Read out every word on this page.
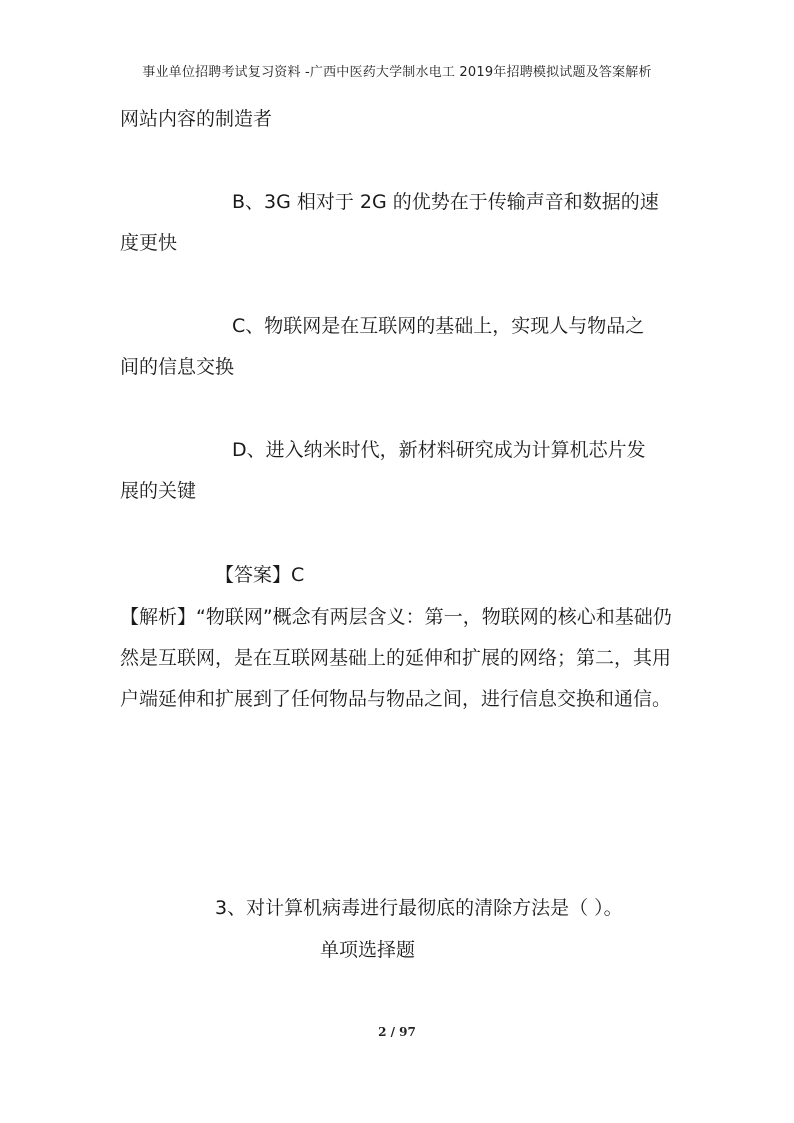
事业单位招聘考试复习资料 -广西中医药大学制水电工 2019年招聘模拟试题及答案解析

网站内容的制造者

B、3G 相对于 2G 的优势在于传输声音和数据的速
度更快
C、物联网是在互联网的基础上，实现人与物品之
间的信息交换
D、进入纳米时代，新材料研究成为计算机芯片发
展的关键
【答案】C

【解析】“物联网”概念有两层含义：第一，物联网的核心和基础仍然是互联网，是在互联网基础上的延伸和扩展的网络；第二，其用户端延伸和扩展到了任何物品与物品之间，进行信息交换和通信。

3、对计算机病毒进行最彻底的清除方法是（ ）。
单项选择题
2 / 97
